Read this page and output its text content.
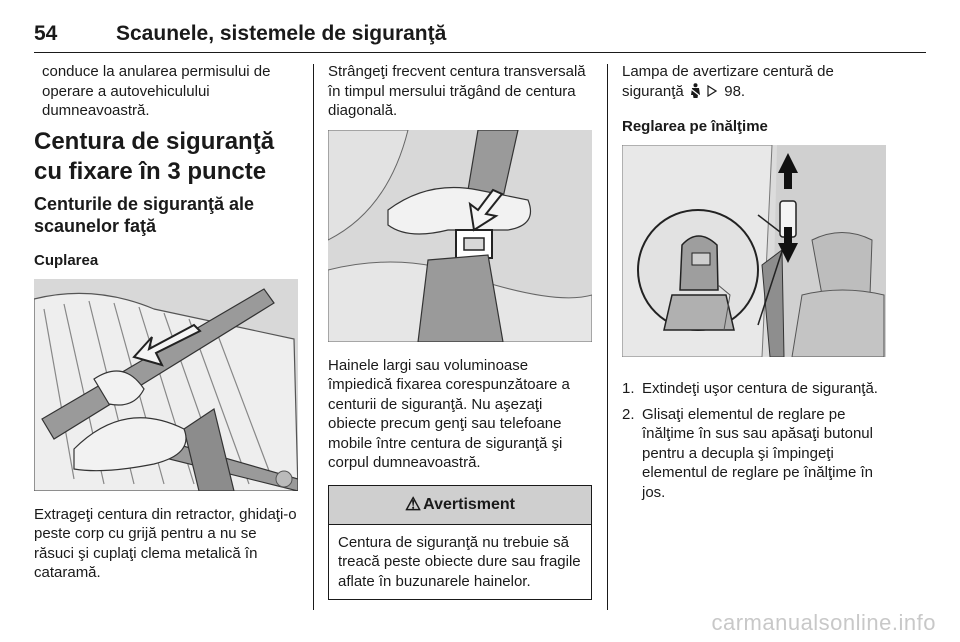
54	Scaunele, sistemele de siguranţă

conduce la anularea permisului de operare a autovehiculului dumneavoastră.

Centura de siguranţă cu fixare în 3 puncte
Centurile de siguranţă ale scaunelor faţă
Cuplarea

Extrageţi centura din retractor, ghidaţi-o peste corp cu grijă pentru a nu se răsuci şi cuplaţi clema metalică în cataramă.

Strângeţi frecvent centura transversală în timpul mersului trăgând de centura diagonală.

Hainele largi sau voluminoase împiedică fixarea corespunzătoare a centurii de siguranţă. Nu aşezaţi obiecte precum genţi sau telefoane mobile între centura de siguranţă şi corpul dumneavoastră.

⚠ Avertisment
Centura de siguranţă nu trebuie să treacă peste obiecte dure sau fragile aflate în buzunarele hainelor.

Lampa de avertizare centură de siguranţă	98.

Reglarea pe înălţime
1. Extindeţi uşor centura de siguranţă.
2. Glisaţi elementul de reglare pe înălţime în sus sau apăsaţi butonul pentru a decupla şi împingeţi elementul de reglare pe înălţime în jos.
carmanualsonline.info
